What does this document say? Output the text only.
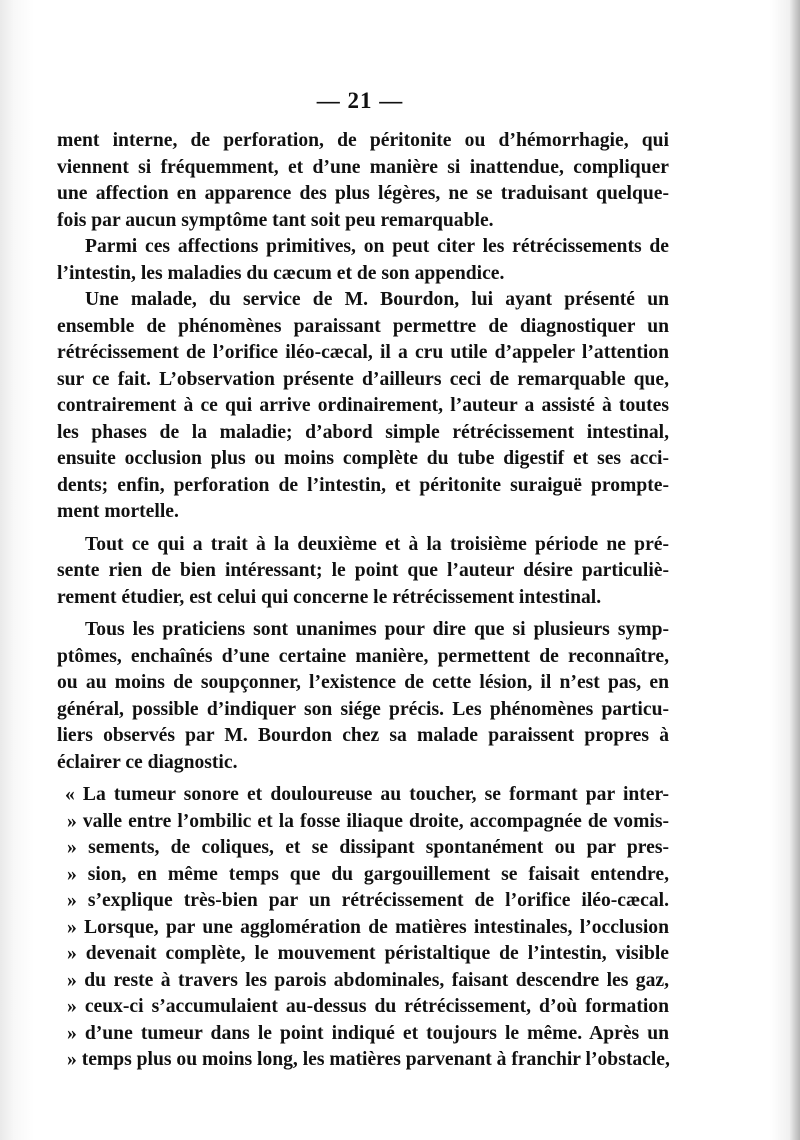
— 21 —
ment interne, de perforation, de péritonite ou d’hémorrhagie, qui
viennent si fréquemment, et d’une manière si inattendue, compliquer
une affection en apparence des plus légères, ne se traduisant quelque-
fois par aucun symptôme tant soit peu remarquable.
Parmi ces affections primitives, on peut citer les rétrécissements de
l’intestin, les maladies du cæcum et de son appendice.
Une malade, du service de M. Bourdon, lui ayant présenté un
ensemble de phénomènes paraissant permettre de diagnostiquer un
rétrécissement de l’orifice iléo-cæcal, il a cru utile d’appeler l’attention
sur ce fait. L’observation présente d’ailleurs ceci de remarquable que,
contrairement à ce qui arrive ordinairement, l’auteur a assisté à toutes
les phases de la maladie; d’abord simple rétrécissement intestinal,
ensuite occlusion plus ou moins complète du tube digestif et ses acci-
dents; enfin, perforation de l’intestin, et péritonite suraiguë prompte-
ment mortelle.
Tout ce qui a trait à la deuxième et à la troisième période ne pré-
sente rien de bien intéressant; le point que l’auteur désire particuliè-
rement étudier, est celui qui concerne le rétrécissement intestinal.
Tous les praticiens sont unanimes pour dire que si plusieurs symp-
ptômes, enchaînés d’une certaine manière, permettent de reconnaître,
ou au moins de soupçonner, l’existence de cette lésion, il n’est pas, en
général, possible d’indiquer son siége précis. Les phénomènes particu-
liers observés par M. Bourdon chez sa malade paraissent propres à
éclairer ce diagnostic.
« La tumeur sonore et douloureuse au toucher, se formant par inter-
» valle entre l’ombilic et la fosse iliaque droite, accompagnée de vomis-
» sements, de coliques, et se dissipant spontanément ou par pres-
» sion, en même temps que du gargouillement se faisait entendre,
» s’explique très-bien par un rétrécissement de l’orifice iléo-cæcal.
» Lorsque, par une agglomération de matières intestinales, l’occlusion
» devenait complète, le mouvement péristaltique de l’intestin, visible
» du reste à travers les parois abdominales, faisant descendre les gaz,
» ceux-ci s’accumulaient au-dessus du rétrécissement, d’où formation
» d’une tumeur dans le point indiqué et toujours le même. Après un
» temps plus ou moins long, les matières parvenant à franchir l’obstacle,
